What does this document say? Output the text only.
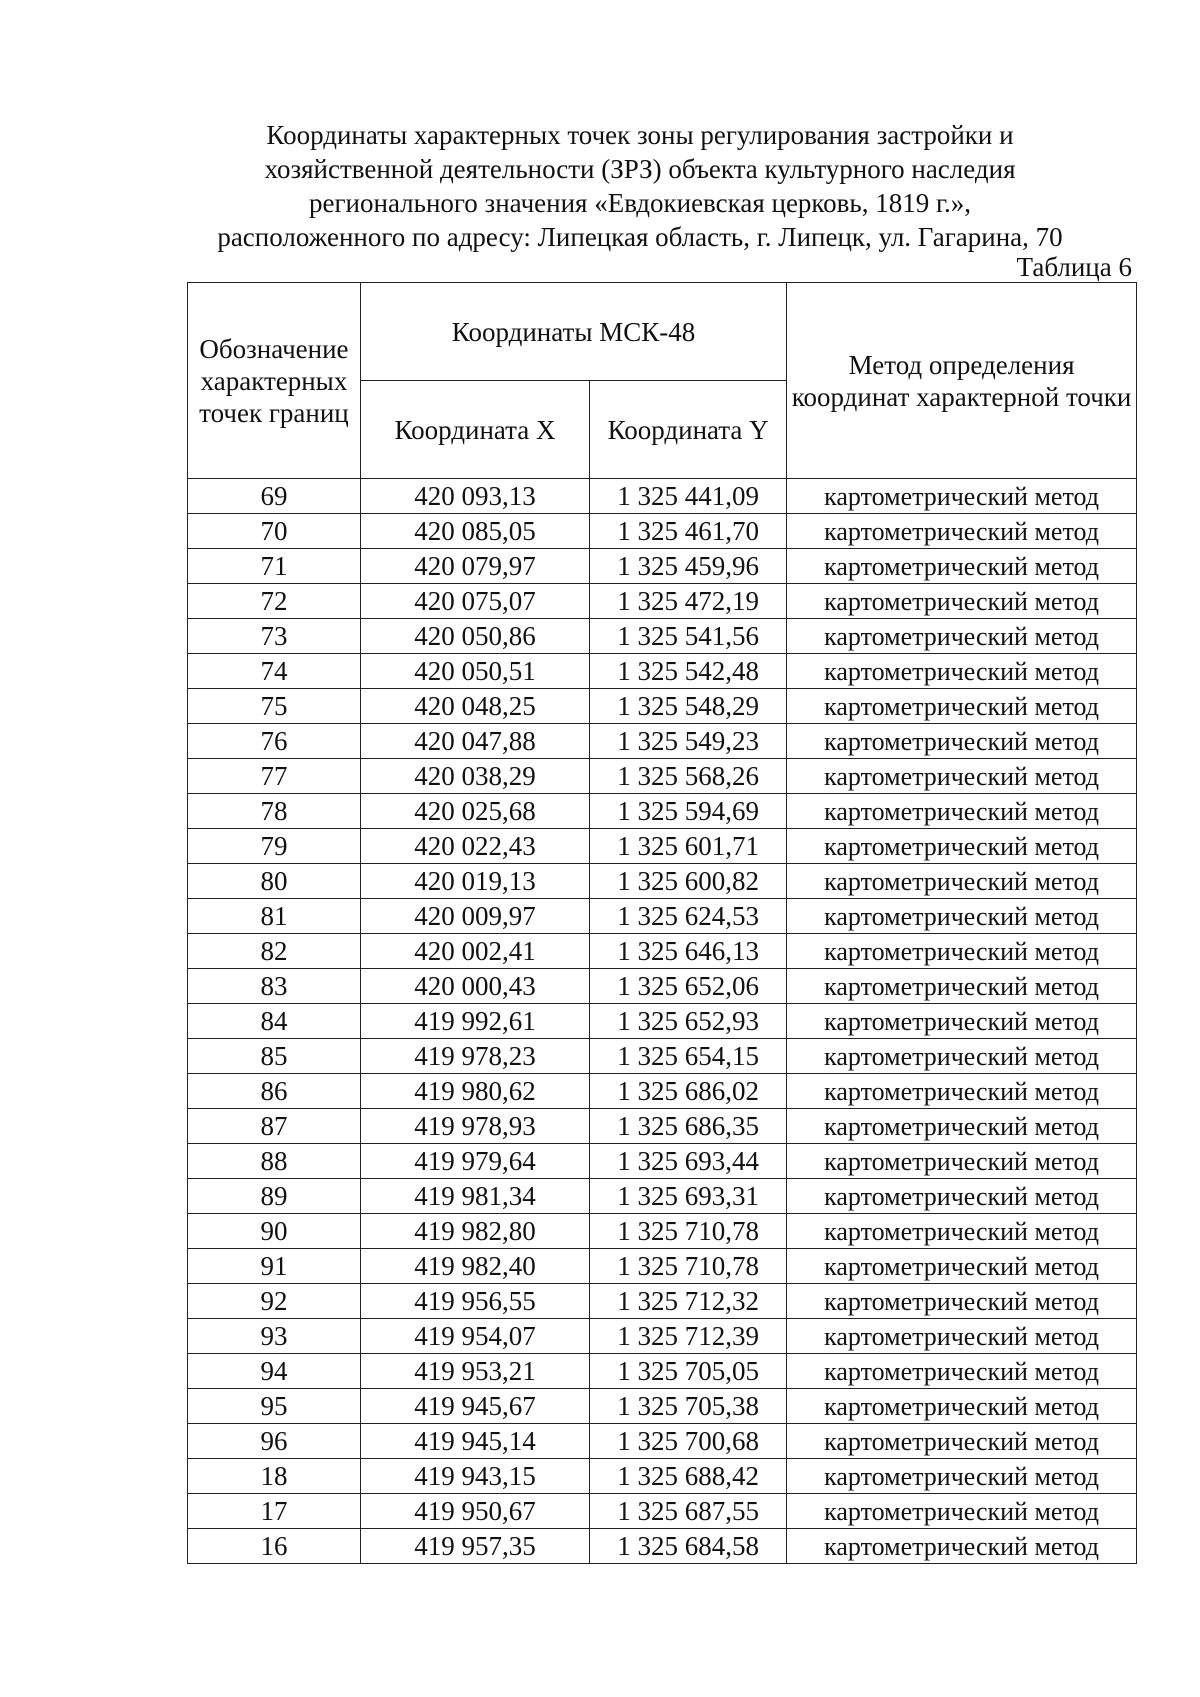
Координаты характерных точек зоны регулирования застройки и
хозяйственной деятельности (ЗРЗ) объекта культурного наследия
регионального значения «Евдокиевская церковь, 1819 г.»,
расположенного по адресу: Липецкая область, г. Липецк, ул. Гагарина, 70
Таблица 6
Обозначение характерных точек границ	Координаты МСК-48		Метод определения координат характерной точки
	Координата X	Координата Y	
69	420 093,13	1 325 441,09	картометрический метод
70	420 085,05	1 325 461,70	картометрический метод
71	420 079,97	1 325 459,96	картометрический метод
72	420 075,07	1 325 472,19	картометрический метод
73	420 050,86	1 325 541,56	картометрический метод
74	420 050,51	1 325 542,48	картометрический метод
75	420 048,25	1 325 548,29	картометрический метод
76	420 047,88	1 325 549,23	картометрический метод
77	420 038,29	1 325 568,26	картометрический метод
78	420 025,68	1 325 594,69	картометрический метод
79	420 022,43	1 325 601,71	картометрический метод
80	420 019,13	1 325 600,82	картометрический метод
81	420 009,97	1 325 624,53	картометрический метод
82	420 002,41	1 325 646,13	картометрический метод
83	420 000,43	1 325 652,06	картометрический метод
84	419 992,61	1 325 652,93	картометрический метод
85	419 978,23	1 325 654,15	картометрический метод
86	419 980,62	1 325 686,02	картометрический метод
87	419 978,93	1 325 686,35	картометрический метод
88	419 979,64	1 325 693,44	картометрический метод
89	419 981,34	1 325 693,31	картометрический метод
90	419 982,80	1 325 710,78	картометрический метод
91	419 982,40	1 325 710,78	картометрический метод
92	419 956,55	1 325 712,32	картометрический метод
93	419 954,07	1 325 712,39	картометрический метод
94	419 953,21	1 325 705,05	картометрический метод
95	419 945,67	1 325 705,38	картометрический метод
96	419 945,14	1 325 700,68	картометрический метод
18	419 943,15	1 325 688,42	картометрический метод
17	419 950,67	1 325 687,55	картометрический метод
16	419 957,35	1 325 684,58	картометрический метод
